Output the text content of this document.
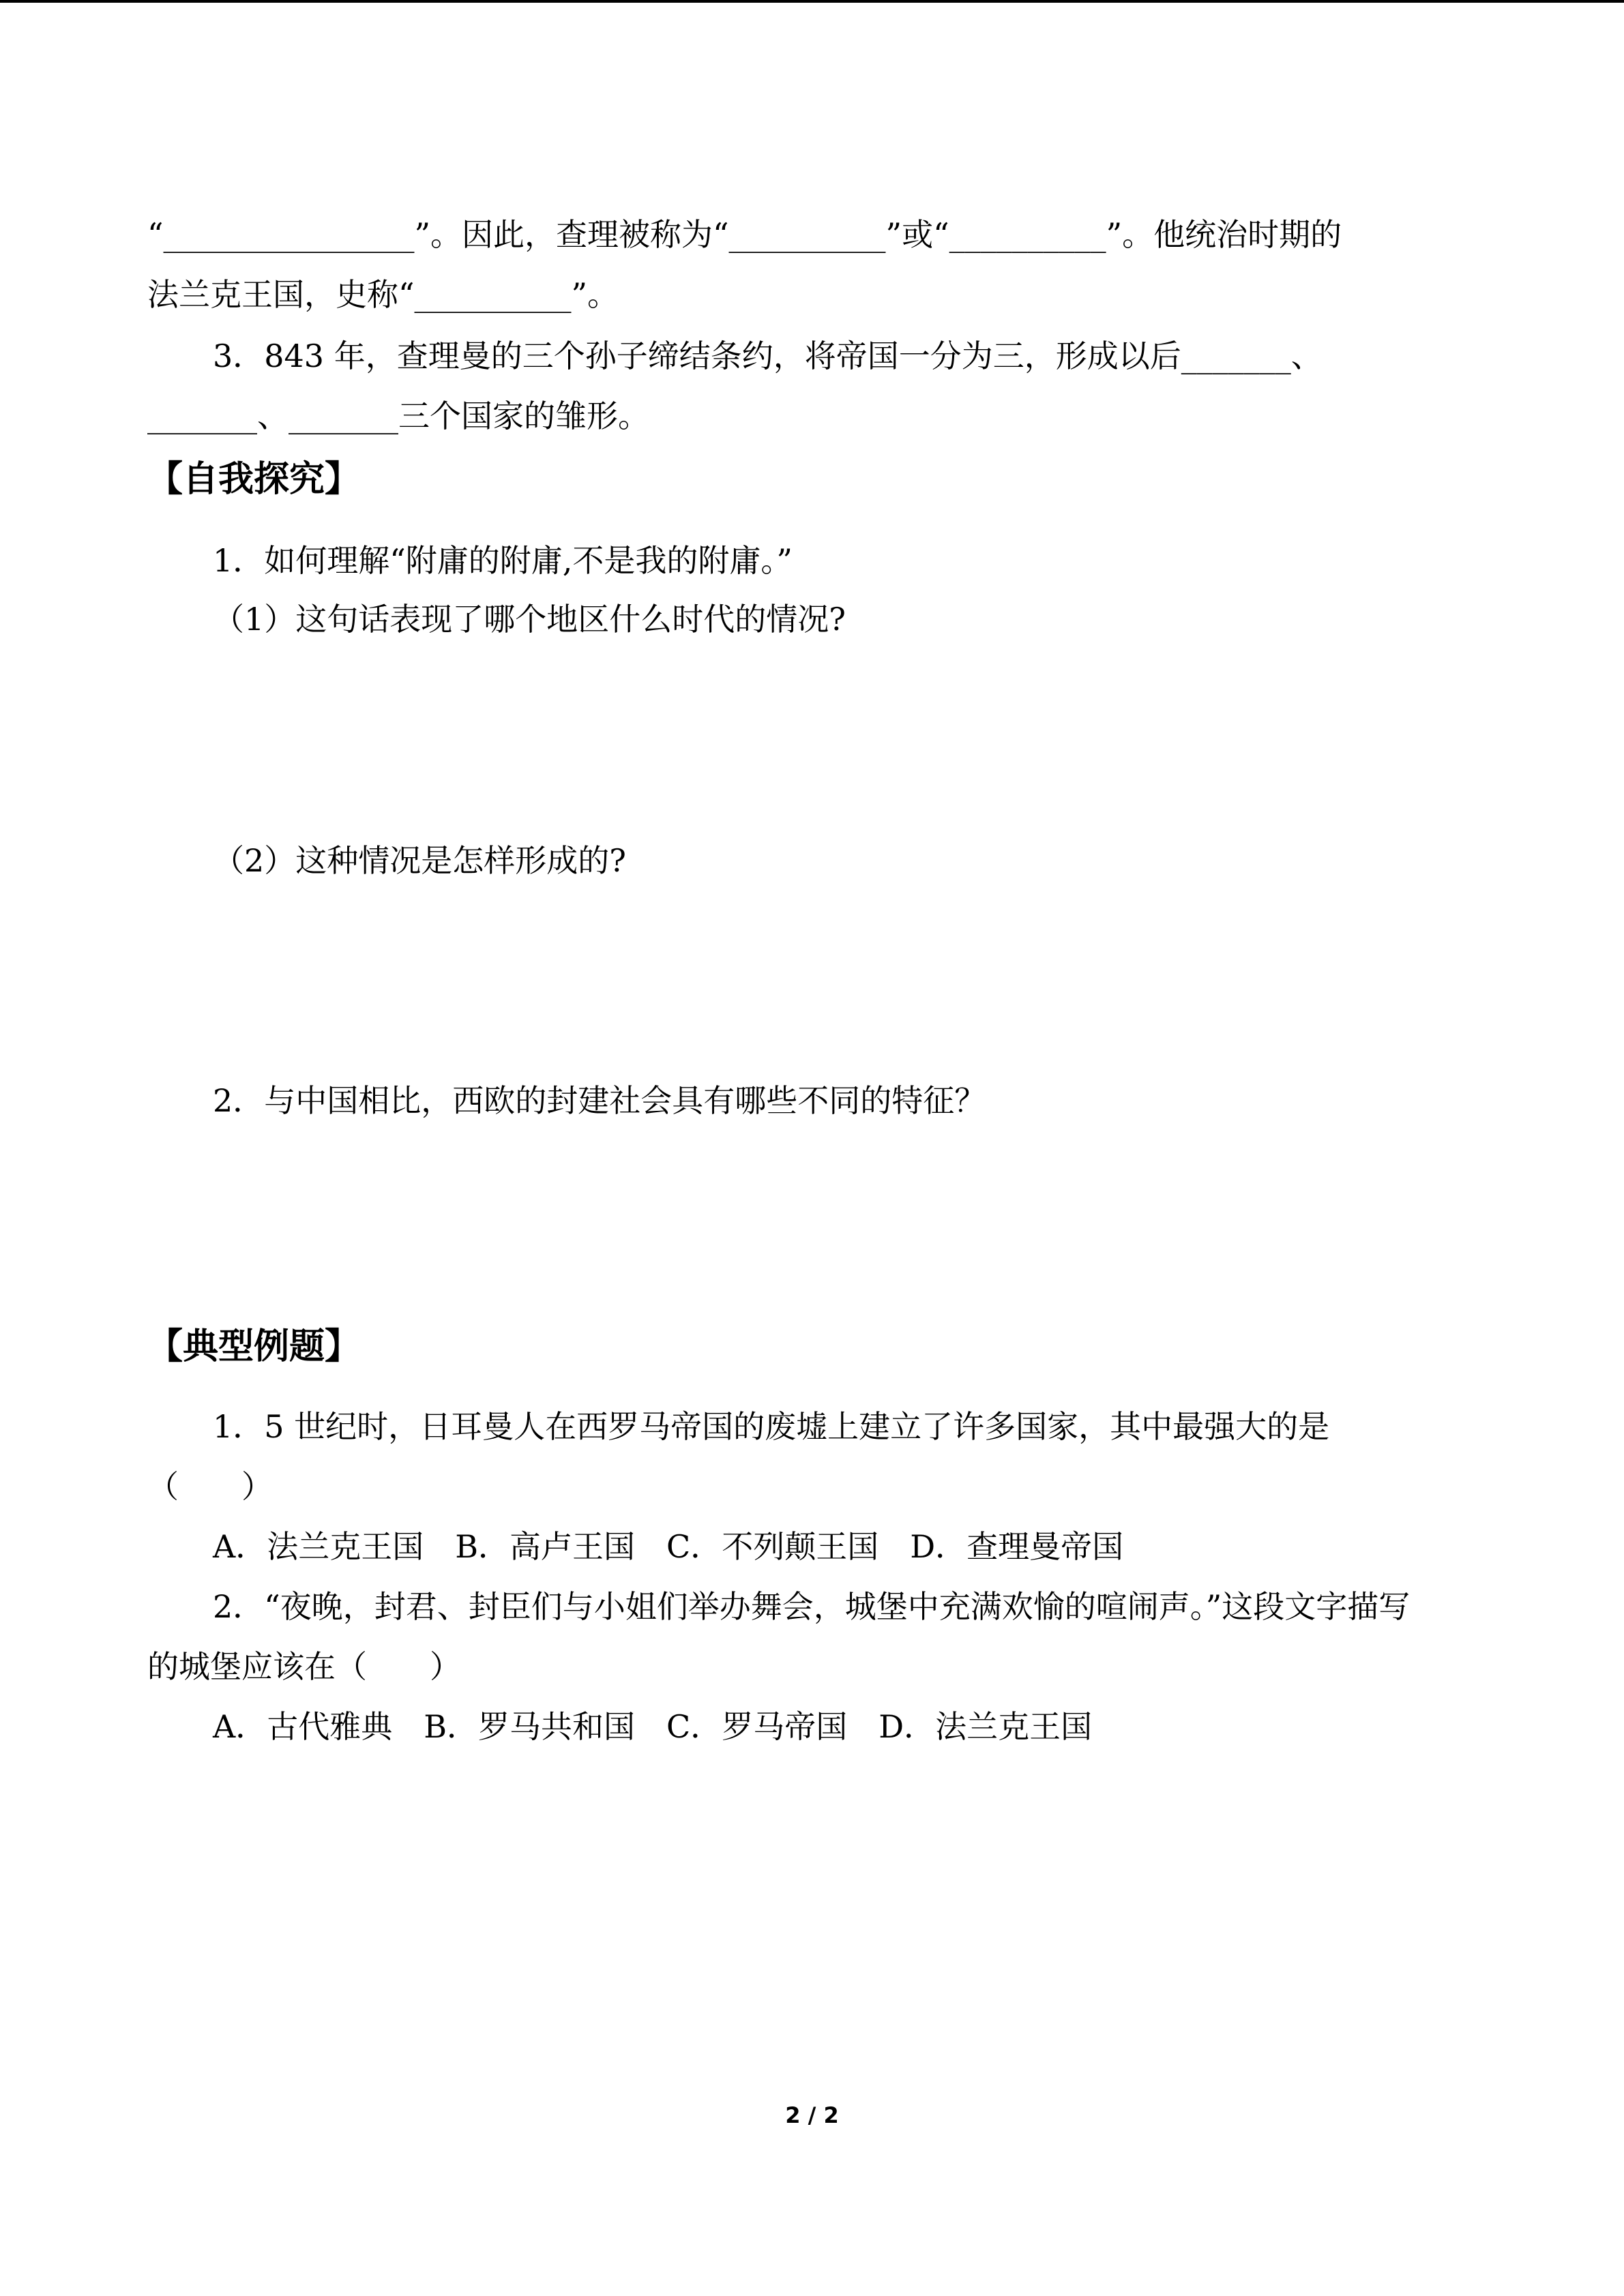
“________________”。因此，查理被称为“__________”或“__________”。他统治时期的
法兰克王国，史称“__________”。
3．843 年，查理曼的三个孙子缔结条约，将帝国一分为三，形成以后_______、
_______、_______三个国家的雏形。
【自我探究】
1．如何理解“附庸的附庸,不是我的附庸。”
（1）这句话表现了哪个地区什么时代的情况?
（2）这种情况是怎样形成的?
2．与中国相比，西欧的封建社会具有哪些不同的特征？
【典型例题】
1．5 世纪时，日耳曼人在西罗马帝国的废墟上建立了许多国家，其中最强大的是
（　　）
A．法兰克王国　B．高卢王国　C．不列颠王国　D．查理曼帝国
2．“夜晚，封君、封臣们与小姐们举办舞会，城堡中充满欢愉的喧闹声。”这段文字描写
的城堡应该在（　　）
A．古代雅典　B．罗马共和国　C．罗马帝国　D．法兰克王国
2 / 2
